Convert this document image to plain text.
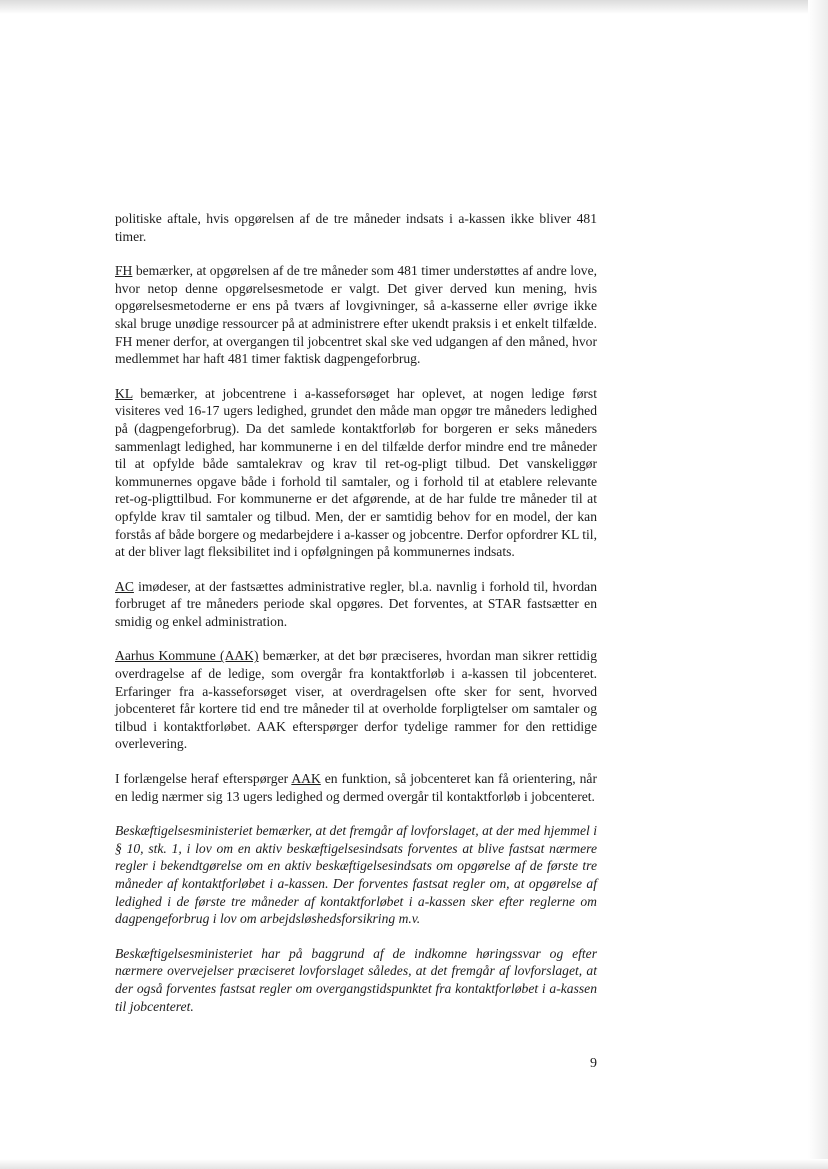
politiske aftale, hvis opgørelsen af de tre måneder indsats i a-kassen ikke bliver 481 timer.

FH bemærker, at opgørelsen af de tre måneder som 481 timer understøttes af andre love, hvor netop denne opgørelsesmetode er valgt. Det giver derved kun mening, hvis opgørelsesmetoderne er ens på tværs af lovgivninger, så a-kasserne eller øvrige ikke skal bruge unødige ressourcer på at administrere efter ukendt praksis i et enkelt tilfælde. FH mener derfor, at overgangen til jobcentret skal ske ved udgangen af den måned, hvor medlemmet har haft 481 timer faktisk dagpengeforbrug.

KL bemærker, at jobcentrene i a-kasseforsøget har oplevet, at nogen ledige først visiteres ved 16-17 ugers ledighed, grundet den måde man opgør tre måneders ledighed på (dagpengeforbrug). Da det samlede kontaktforløb for borgeren er seks måneders sammenlagt ledighed, har kommunerne i en del tilfælde derfor mindre end tre måneder til at opfylde både samtalekrav og krav til ret-og-pligt tilbud. Det vanskeliggør kommunernes opgave både i forhold til samtaler, og i forhold til at etablere relevante ret-og-pligttilbud. For kommunerne er det afgørende, at de har fulde tre måneder til at opfylde krav til samtaler og tilbud. Men, der er samtidig behov for en model, der kan forstås af både borgere og medarbejdere i a-kasser og jobcentre. Derfor opfordrer KL til, at der bliver lagt fleksibilitet ind i opfølgningen på kommunernes indsats.

AC imødeser, at der fastsættes administrative regler, bl.a. navnlig i forhold til, hvordan forbruget af tre måneders periode skal opgøres. Det forventes, at STAR fastsætter en smidig og enkel administration.

Aarhus Kommune (AAK) bemærker, at det bør præciseres, hvordan man sikrer rettidig overdragelse af de ledige, som overgår fra kontaktforløb i a-kassen til jobcenteret. Erfaringer fra a-kasseforsøget viser, at overdragelsen ofte sker for sent, hvorved jobcenteret får kortere tid end tre måneder til at overholde forpligtelser om samtaler og tilbud i kontaktforløbet. AAK efterspørger derfor tydelige rammer for den rettidige overlevering.

I forlængelse heraf efterspørger AAK en funktion, så jobcenteret kan få orientering, når en ledig nærmer sig 13 ugers ledighed og dermed overgår til kontaktforløb i jobcenteret.

Beskæftigelsesministeriet bemærker, at det fremgår af lovforslaget, at der med hjemmel i § 10, stk. 1, i lov om en aktiv beskæftigelsesindsats forventes at blive fastsat nærmere regler i bekendtgørelse om en aktiv beskæftigelsesindsats om opgørelse af de første tre måneder af kontaktforløbet i a-kassen. Der forventes fastsat regler om, at opgørelse af ledighed i de første tre måneder af kontaktforløbet i a-kassen sker efter reglerne om dagpengeforbrug i lov om arbejdsløshedsforsikring m.v.

Beskæftigelsesministeriet har på baggrund af de indkomne høringssvar og efter nærmere overvejelser præciseret lovforslaget således, at det fremgår af lovforslaget, at der også forventes fastsat regler om overgangstidspunktet fra kontaktforløbet i a-kassen til jobcenteret.

9
